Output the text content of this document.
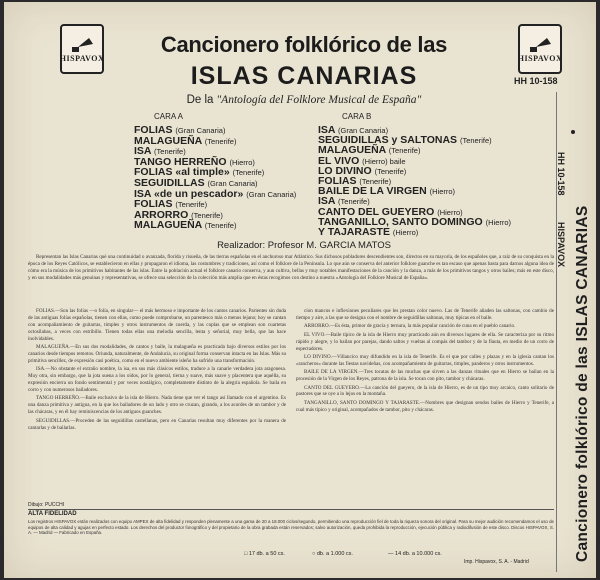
HISPAVOX
Cancionero folklórico de las
ISLAS CANARIAS
De la "Antología del Folklore Musical de España"
HISPAVOX
HH 10-158
CARA A
FOLIAS (Gran Canaria)
MALAGUEÑA (Tenerife)
ISA (Tenerife)
TANGO HERREÑO (Hierro)
FOLIAS «al timple» (Tenerife)
SEGUIDILLAS (Gran Canaria)
ISA «de un pescador» (Gran Canaria)
FOLIAS (Tenerife)
ARRORRO (Tenerife)
MALAGUEÑA (Tenerife)
CARA B
ISA (Gran Canaria)
SEGUIDILLAS y SALTONAS (Tenerife)
MALAGUEÑA (Tenerife)
EL VIVO (Hierro) baile
LO DIVINO (Tenerife)
FOLIAS (Tenerife)
BAILE DE LA VIRGEN (Hierro)
ISA (Tenerife)
CANTO DEL GUEYERO (Hierro)
TANGANILLO, SANTO DOMINGO (Hierro)
Y TAJARASTE (Hierro)
Realizador: Profesor M. GARCIA MATOS

Representan las Islas Canarias qué una continuidad o avanzada, florida y risueña, de las tierras españolas en el anchuroso mar Atlántico. Sus dichosos pobladores descendientes son, directos en su mayoría, de los españoles que, a raíz de su conquista en la época de los Reyes Católicos, se establecieron en ellas y propagaron el idioma, las costumbres y tradiciones, así como el folklore de la Península. Lo que aún se conserva del anterior folklore guanche es tan escaso que apenas basta para darnos alguna idea de cómo era la música de los primitivos habitantes de las islas. Entre la población actual el folklore canario conserva, y aun cultiva, bellas y muy notables manifestaciones de la canción y la danza, a más de los primitivos tangos y otros bailes; más en este disco, y en sus modalidades más genuinas y representativas, se ofrece una selección de la colección más amplia que en éstas recogimos con destino a nuestra «Antología del Folklore Musical de España».

FOLIAS.—Son las folías —o folía, en singular— el más hermoso e importante de los cantos canarios. Parientes sin duda de las antiguas folías españolas, tienen con ellas, como puede comprobarse, un parentesco más o menos lejano; hoy se cantan con acompañamiento de guitarras, timples y otros instrumentos de cuerda, y las coplas que se emplean son cuartetas octosílabas, a veces con estribillo. Tienen todas ellas una melodía sencilla, lenta y señorial, muy bella, que las hace inolvidables.

MALAGUEÑA.—En sus dos modalidades, de cantos y baile, la malagueña es practicada bajo diversos estilos por los canarios desde tiempos remotos. Oriunda, naturalmente, de Andalucía, su original forma conservan intacta en las Islas. Más su primitiva sencillez, de expresión casi poética, como en el nuevo ambiente isleño ha sufrido una transformación.

ISA.—No obstante el extraño nombre, la isa, en sus más clásicos estilos, traduce a la canarie verdadera jota aragonesa. Muy otra, sin embargo, que la jota suena a los oídos, por lo general, tierna y suave, más suave y placentera que aquélla, su expresión encierra un fondo sentimental y por veces nostálgico, completamente distinto de la alegría española. Se baila en corro y con numerosos bailadores.

TANGO HERREÑO.—Baile exclusivo de la isla de Hierro. Nada tiene que ver el tango así llamado con el argentino. Es una danza primitiva y antigua, en la que los bailadores de un lado y otro se cruzan, girando, a los acordes de un tambor y de las chácaras, y en él hay reminiscencias de los antiguos guanches.

SEGUIDILLAS.—Proceden de las seguidillas castellanas, pero en Canarias resultan muy diferentes por la manera de cantarlas y de bailarlas.

cíon mancos e inflexiones peculiares que les prestan color nuevo. Las de Tenerife añaden las saltonas, con cambio de tiempo y aire, a las que se designa con el nombre de seguidillas saltonas, muy típicas en el baile.

ARRORRO.—Es ésta, primor de gracia y ternura, la más popular canción de cuna en el pueblo canario.

EL VIVO.—Baile típico de la isla de Hierro muy practicado aún en diversos lugares de ella. Se caracteriza por su ritmo rápido y alegre, y lo bailan por parejas, dando saltos y vueltas al compás del tambor y de la flauta, en medio de un corro de espectadores.

LO DIVINO.—Villancico muy difundido en la isla de Tenerife. Es el que por calles y plazas y en la iglesia cantan los «rancheros» durante las fiestas navideñas, con acompañamiento de guitarras, timples, panderos y otros instrumentos.

BAILE DE LA VIRGEN.—Tres tocatas de las muchas que sirven a las danzas rituales que en Hierro se bailan en la procesión de la Virgen de los Reyes, patrona de la isla. Se tocan con pito, tambor y chácaras.

CANTO DEL GUEYERO.—La canción del gueyero, de la isla de Hierro, es de un tipo muy arcaico, canto solitario de pastores que se oye a lo lejos en la montaña.

TANGANILLO, SANTO DOMINGO Y TAJARASTE.—Nombres que designan sendos bailes de Hierro y Tenerife, a cual más típico y original, acompañados de tambor, pito y chácaras.

Dibujo: PUCCHI
ALTA FIDELIDAD
Los registros HISPAVOX están realizados con equipo AMPEX de alta fidelidad y responden plenamente a una gama de 20 a 18.000 ciclos/segundo, permitiendo una reproducción fiel de toda la riqueza sonora del original. Para su mejor audición recomendamos el uso de equipos de alta calidad y agujas en perfecto estado. Los derechos del productor fonográfico y del propietario de la obra grabada están reservados; salvo autorización, queda prohibida la reproducción, ejecución pública y radiodifusión de este disco. Discos HISPAVOX, S. A. — Madrid — Fabricado en España.
□ 17 db. a 50 cs.	○ db. a 1.000 cs.	— 14 db. a 10.000 cs.
Imp. Hispavox, S. A. - Madrid
HH 10-158
HISPAVOX Cancionero folklórico de las ISLAS CANARIAS
